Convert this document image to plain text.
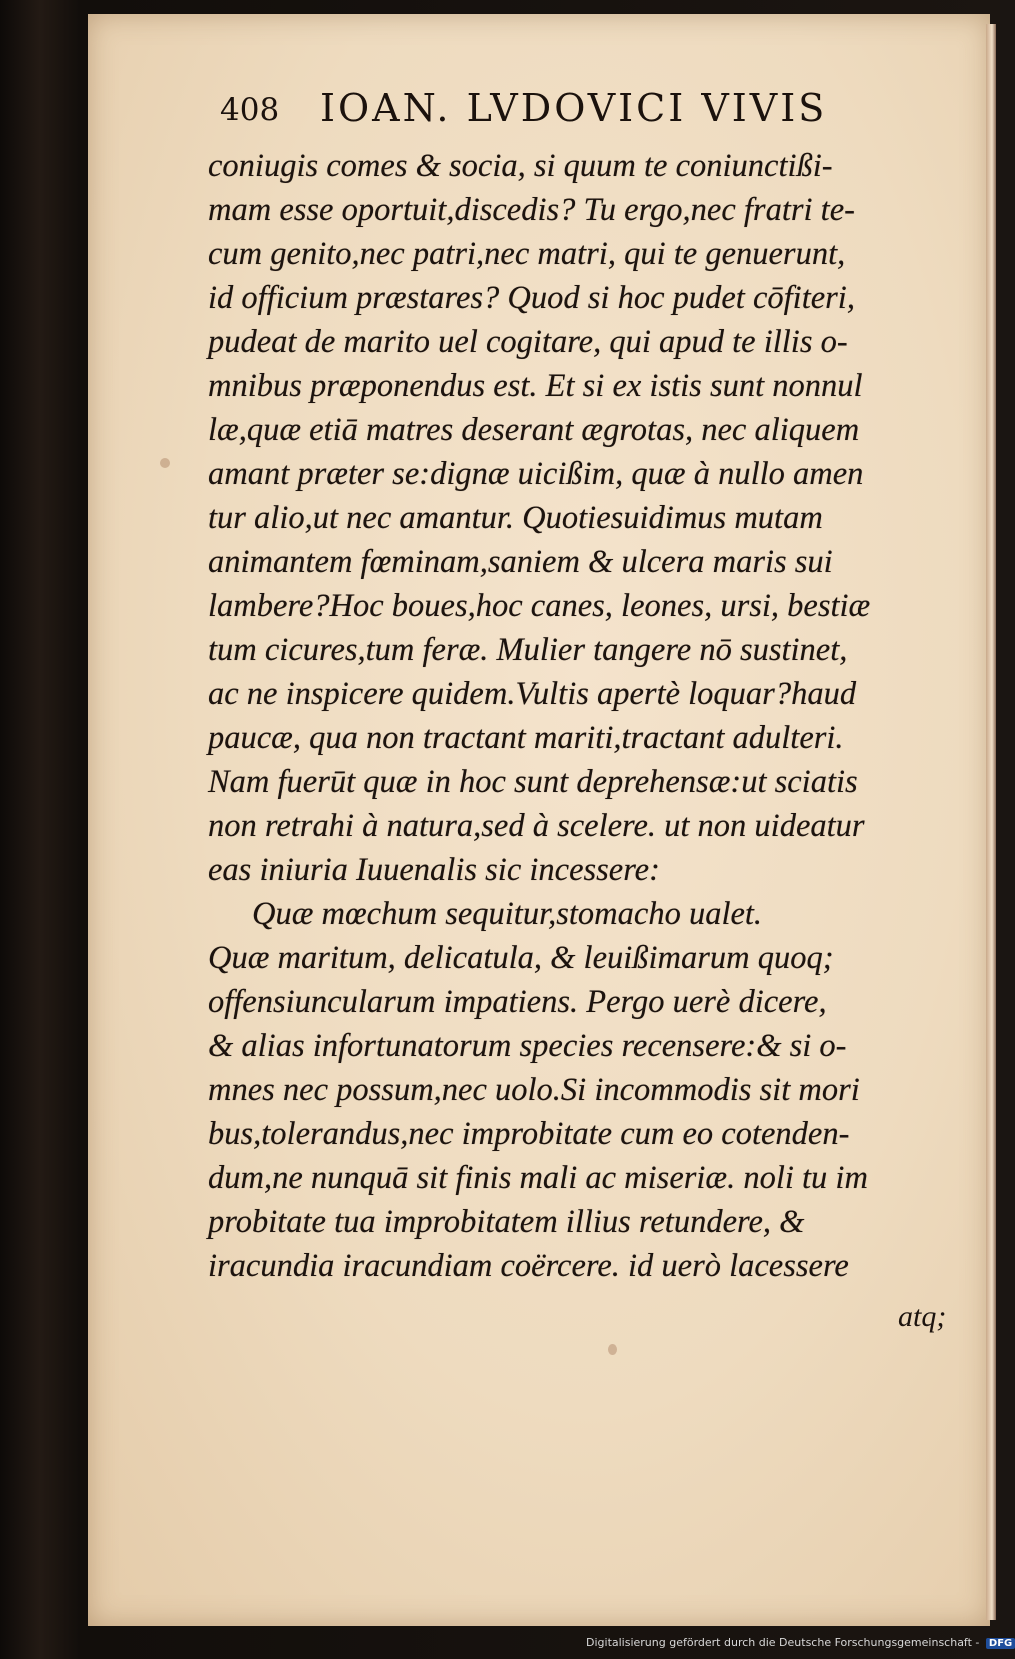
408 IOAN. LVDOVICI VIVIS
coniugis comes & socia, si quum te coniunctißi-
mam esse oportuit,discedis? Tu ergo,nec fratri te-
cum genito,nec patri,nec matri, qui te genuerunt,
id officium præstares? Quod si hoc pudet cōfiteri,
pudeat de marito uel cogitare, qui apud te illis o-
mnibus præponendus est. Et si ex istis sunt nonnul
læ,quæ etiā matres deserant ægrotas, nec aliquem
amant præter se:dignæ uicißim, quæ à nullo amen
tur alio,ut nec amantur. Quotiesuidimus mutam
animantem fœminam,saniem & ulcera maris sui
lambere?Hoc boues,hoc canes, leones, ursi, bestiæ
tum cicures,tum feræ. Mulier tangere nō sustinet,
ac ne inspicere quidem.Vultis apertè loquar?haud
paucæ, qua non tractant mariti,tractant adulteri.
Nam fuerūt quæ in hoc sunt deprehensæ:ut sciatis
non retrahi à natura,sed à scelere. ut non uideatur
eas iniuria Iuuenalis sic incessere:
Quæ mœchum sequitur,stomacho ualet.
Quæ maritum, delicatula, & leuißimarum quoq;
offensiuncularum impatiens. Pergo uerè dicere,
& alias infortunatorum species recensere:& si o-
mnes nec possum,nec uolo.Si incommodis sit mori
bus,tolerandus,nec improbitate cum eo cotenden-
dum,ne nunquā sit finis mali ac miseriæ. noli tu im
probitate tua improbitatem illius retundere, &
iracundia iracundiam coërcere. id uerò lacessere
atq;
Digitalisierung gefördert durch die Deutsche Forschungsgemeinschaft - DFG
